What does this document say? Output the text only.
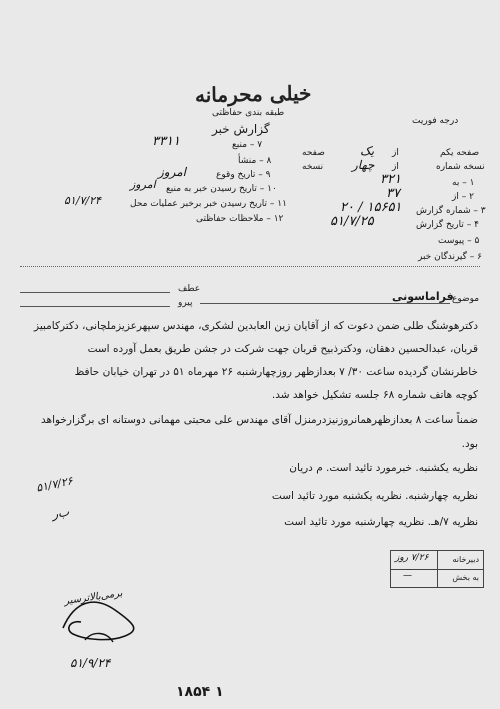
خیلی محرمانه
طبقه بندی حفاظتی
گزارش خبر
درجه فوریت
صفحه یکم
از
یک
صفحه
نسخه شماره
از
چهار
نسخه
۱ – به
۳۲۱
۲ – از
۳۷
۳ – شماره گزارش
۱۵۶۵۱ / ۲۰
۴ – تاریخ گزارش
۵۱/۷/۲۵
۵ – پیوست
۶ – گیرندگان خبر
۷ – منبع
۳۳۱۱
۸ – منشأ
۹ – تاریخ وقوع
امروز
۱۰ – تاریخ رسیدن خبر به منبع
امروز
۱۱ – تاریخ رسیدن خبر برخبر عملیات محل
۵۱/۷/۲۴
۱۲ – ملاحظات حفاظتی
عطف
پیرو	موضوع
فراماسونی
دکترهوشنگ طلی ضمن دعوت که از آقایان زین العابدین لشکری، مهندس سپهرعزیزملچانی، دکترکامبیز
قربان، عبدالحسین دهقان، ودکترذبیح قربان جهت شرکت در جشن طریق بعمل آورده است
خاطرنشان گردیده ساعت ۳۰/ ۷ بعدازظهر روزچهارشنبه ۲۶ مهرماه ۵۱ در تهران خیابان حافظ
کوچه هاتف شماره ۶۸ جلسه تشکیل خواهد شد.
ضمناً ساعت ۸ بعدازظهرهمانروزنیزدرمنزل آقای مهندس علی محبتی مهمانی دوستانه ای برگزارخواهد
بود.
نظریه یکشنبه. خبرمورد تائید است. م دریان
نظریه چهارشنبه. نظریه یکشنبه مورد تائید است
نظریه ۷/هـ. نظریه چهارشنبه مورد تائید است
۵۱/۷/۲۶
ب‌ر
دبیرخانه
۷/۲۶ روز
به بخش
—
برمی‌بالاترسیر
۵۱/۹/۲۴
۱ ۱۸۵۴
